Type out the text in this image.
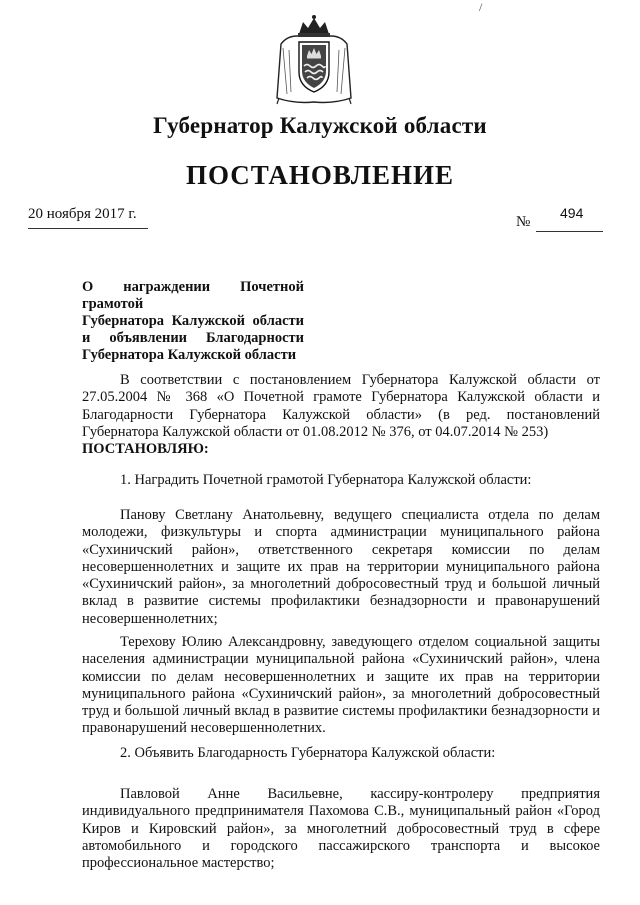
/
Губернатор Калужской области
ПОСТАНОВЛЕНИЕ
20 ноября 2017 г.	№
494
О награждении Почетной грамотой
Губернатора Калужской области
и объявлении Благодарности
Губернатора Калужской области

В соответствии с постановлением Губернатора Калужской области от 27.05.2004 № 368 «О Почетной грамоте Губернатора Калужской области и Благодарности Губернатора Калужской области» (в ред. постановлений Губернатора Калужской области от 01.08.2012 № 376, от 04.07.2014 № 253)

ПОСТАНОВЛЯЮ:

1. Наградить Почетной грамотой Губернатора Калужской области:

Панову Светлану Анатольевну, ведущего специалиста отдела по делам молодежи, физкультуры и спорта администрации муниципального района «Сухиничский район», ответственного секретаря комиссии по делам несовершеннолетних и защите их прав на территории муниципального района «Сухиничский район», за многолетний добросовестный труд и большой личный вклад в развитие системы профилактики безнадзорности и правонарушений несовершеннолетних;

Терехову Юлию Александровну, заведующего отделом социальной защиты населения администрации муниципальной района «Сухиничский район», члена комиссии по делам несовершеннолетних и защите их прав на территории муниципального района «Сухиничский район», за многолетний добросовестный труд и большой личный вклад в развитие системы профилактики безнадзорности и правонарушений несовершеннолетних.

2. Объявить Благодарность Губернатора Калужской области:

Павловой Анне Васильевне, кассиру-контролеру предприятия индивидуального предпринимателя Пахомова С.В., муниципальный район «Город Киров и Кировский район», за многолетний добросовестный труд в сфере автомобильного и городского пассажирского транспорта и высокое профессиональное мастерство;
